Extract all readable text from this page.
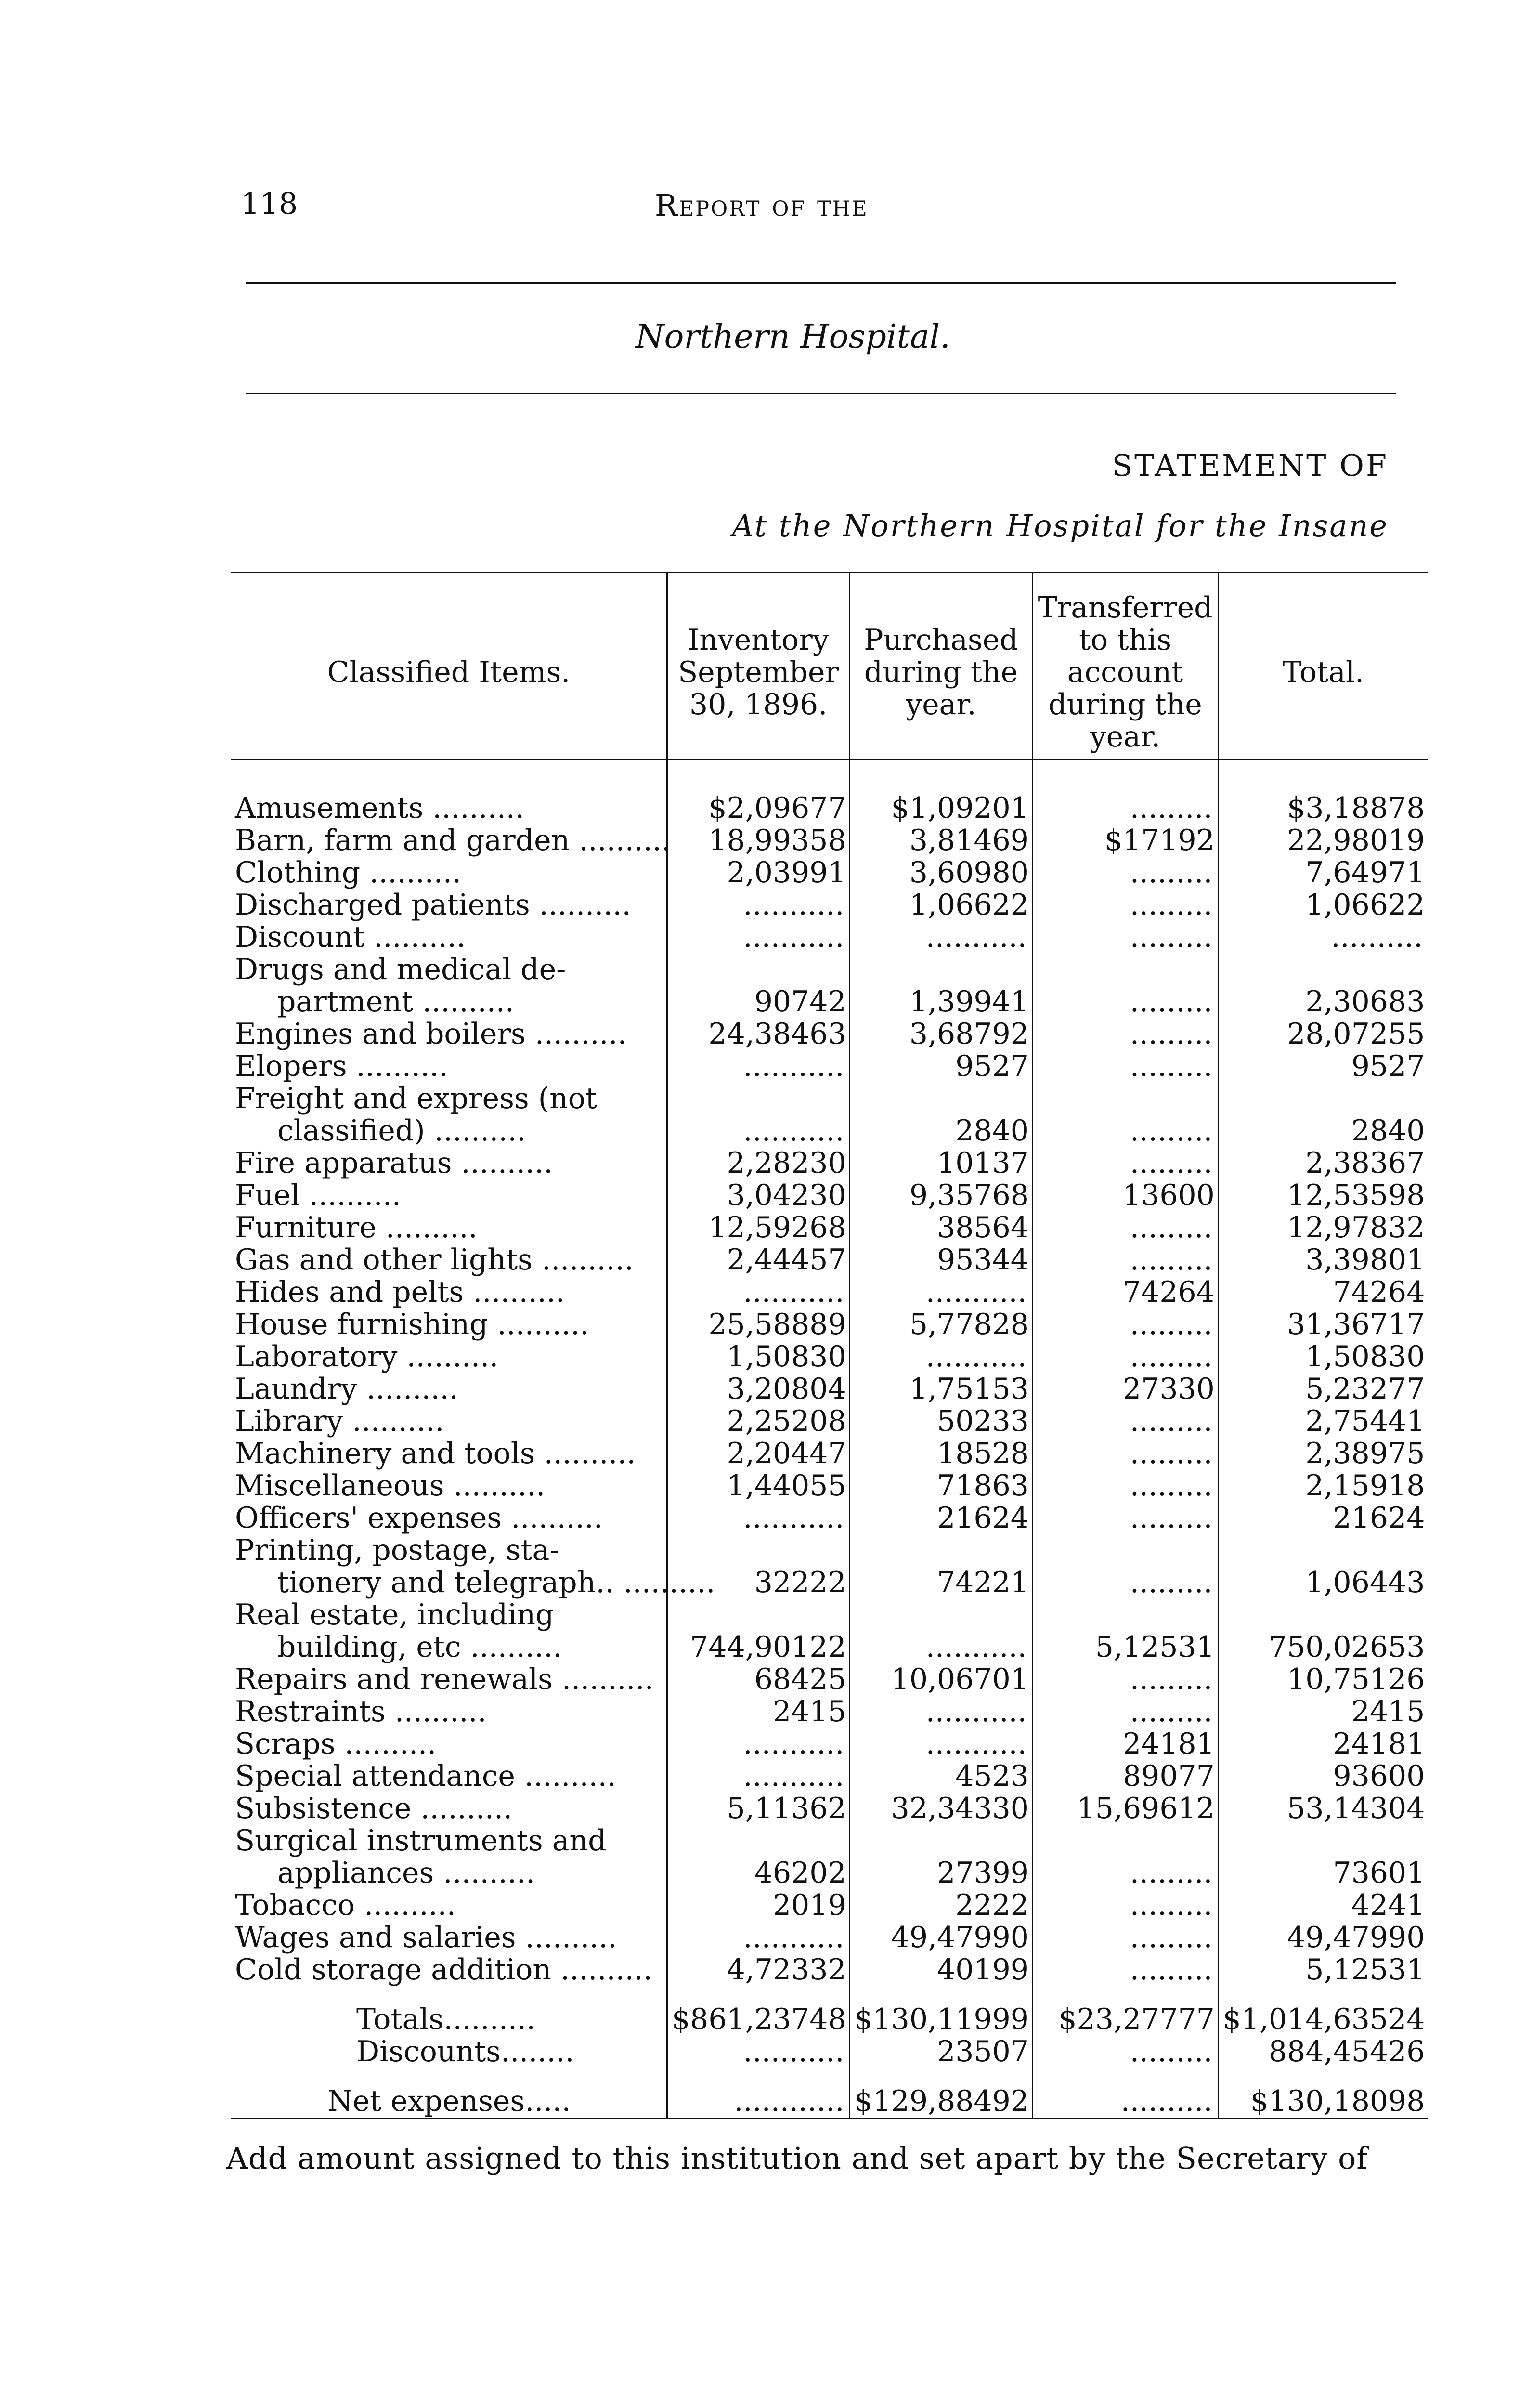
118	Report of the
Northern Hospital.
STATEMENT OF
At the Northern Hospital for the Insane
Classified Items.	Inventory September 30, 1896.	Purchased during the year.	Transferred to this account during the year.	Total.

Amusements ..........	$2,09677	$1,09201	.........	$3,18878
Barn, farm and garden ..........	18,99358	3,81469	$17192	22,98019
Clothing ..........	2,03991	3,60980	.........	7,64971
Discharged patients ..........	...........	1,06622	.........	1,06622
Discount ..........	...........	...........	.........	..........
Drugs and medical de-				
partment ..........	90742	1,39941	.........	2,30683
Engines and boilers ..........	24,38463	3,68792	.........	28,07255
Elopers ..........	...........	9527	.........	9527
Freight and express (not				
classified) ..........	...........	2840	.........	2840
Fire apparatus ..........	2,28230	10137	.........	2,38367
Fuel ..........	3,04230	9,35768	13600	12,53598
Furniture ..........	12,59268	38564	.........	12,97832
Gas and other lights ..........	2,44457	95344	.........	3,39801
Hides and pelts ..........	...........	...........	74264	74264
House furnishing ..........	25,58889	5,77828	.........	31,36717
Laboratory ..........	1,50830	...........	.........	1,50830
Laundry ..........	3,20804	1,75153	27330	5,23277
Library ..........	2,25208	50233	.........	2,75441
Machinery and tools ..........	2,20447	18528	.........	2,38975
Miscellaneous ..........	1,44055	71863	.........	2,15918
Officers' expenses ..........	...........	21624	.........	21624
Printing, postage, sta-				
tionery and telegraph.. ..........	32222	74221	.........	1,06443
Real estate, including				
building, etc ..........	744,90122	...........	5,12531	750,02653
Repairs and renewals ..........	68425	10,06701	.........	10,75126
Restraints ..........	2415	...........	.........	2415
Scraps ..........	...........	...........	24181	24181
Special attendance ..........	...........	4523	89077	93600
Subsistence ..........	5,11362	32,34330	15,69612	53,14304
Surgical instruments and				
appliances ..........	46202	27399	.........	73601
Tobacco ..........	2019	2222	.........	4241
Wages and salaries ..........	...........	49,47990	.........	49,47990
Cold storage addition ..........	4,72332	40199	.........	5,12531

Totals..........	$861,23748	$130,11999	$23,27777	$1,014,63524
Discounts........	...........	23507	.........	884,45426

Net expenses.....	............	$129,88492	..........	$130,18098
Add amount assigned to this institution and set apart by the Secretary of
